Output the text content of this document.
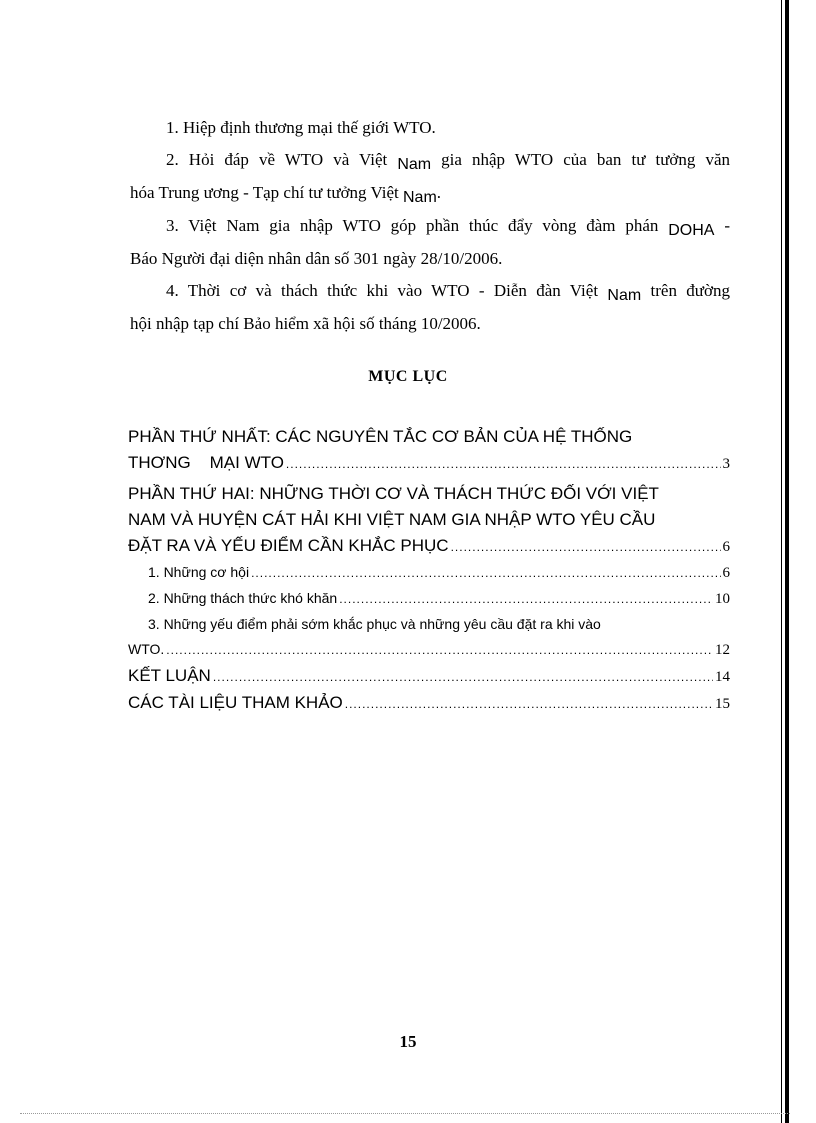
1. Hiệp định thương mại thế giới WTO.

2. Hỏi đáp về WTO và Việt Nam gia nhập WTO của ban tư tưởng văn
hóa Trung ương - Tạp chí tư tưởng Việt Nam.

3. Việt Nam gia nhập WTO góp phần thúc đẩy vòng đàm phán DOHA -
Báo Người đại diện nhân dân số 301 ngày 28/10/2006.

4. Thời cơ và thách thức khi vào WTO - Diễn đàn Việt Nam trên đường
hội nhập tạp chí Bảo hiểm xã hội số tháng 10/2006.

MỤC LỤC
PHẦN THỨ NHẤT: CÁC NGUYÊN TẮC CƠ BẢN CỦA HỆ THỐNG
THƠNG    MẠI WTO .....	3
PHẦN THỨ HAI: NHỮNG THỜI CƠ VÀ THÁCH THỨC ĐỐI VỚI VIỆT
NAM VÀ HUYỆN CÁT HẢI KHI VIỆT NAM GIA NHẬP WTO YÊU CẦU
ĐẶT RA VÀ YẾU ĐIỂM CẦN KHẮC PHỤC .....	6
1. Những cơ hội .....	6
2. Những thách thức khó khăn .....	10
3. Những yếu điểm phải sớm khắc phục và những yêu cầu đặt ra khi vào
WTO. .....	12
KẾT LUẬN .....	14
CÁC TÀI LIỆU THAM KHẢO .....	15

15
